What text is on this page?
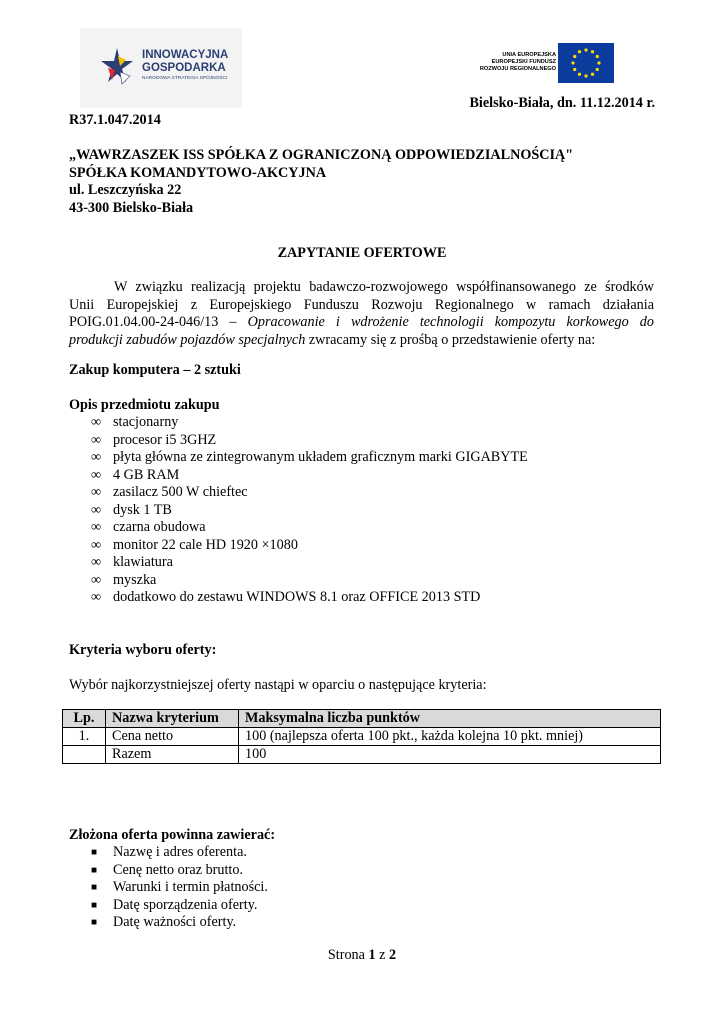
INNOWACYJNA
GOSPODARKA
NARODOWA STRATEGIA SPÓJNOŚCI
UNIA EUROPEJSKA
EUROPEJSKI FUNDUSZ
ROZWOJU REGIONALNEGO
Bielsko-Biała, dn. 11.12.2014 r.
R37.1.047.2014
„WAWRZASZEK ISS SPÓŁKA Z OGRANICZONĄ ODPOWIEDZIALNOŚCIĄ"
SPÓŁKA KOMANDYTOWO-AKCYJNA
ul. Leszczyńska 22
43-300 Bielsko-Biała
ZAPYTANIE OFERTOWE
W związku realizacją projektu badawczo-rozwojowego współfinansowanego ze środków
Unii Europejskiej z Europejskiego Funduszu Rozwoju Regionalnego w ramach działania
POIG.01.04.00-24-046/13 – Opracowanie i wdrożenie technologii kompozytu korkowego do
produkcji zabudów pojazdów specjalnych zwracamy się z prośbą o przedstawienie oferty na:
Zakup komputera – 2 sztuki
Opis przedmiotu zakupu
∞ stacjonarny
∞ procesor i5 3GHZ
∞ płyta główna ze zintegrowanym układem graficznym marki GIGABYTE
∞ 4 GB RAM
∞ zasilacz 500 W chieftec
∞ dysk 1 TB
∞ czarna obudowa
∞ monitor 22 cale HD 1920 ×1080
∞ klawiatura
∞ myszka
∞ dodatkowo do zestawu WINDOWS 8.1 oraz OFFICE 2013 STD
Kryteria wyboru oferty:
Wybór najkorzystniejszej oferty nastąpi w oparciu o następujące kryteria:
Lp.	Nazwa kryterium	Maksymalna liczba punktów
1.	Cena netto	100 (najlepsza oferta 100 pkt., każda kolejna 10 pkt. mniej)
	Razem	100
Złożona oferta powinna zawierać:
■ Nazwę i adres oferenta.
■ Cenę netto oraz brutto.
■ Warunki i termin płatności.
■ Datę sporządzenia oferty.
■ Datę ważności oferty.
Strona 1 z 2
